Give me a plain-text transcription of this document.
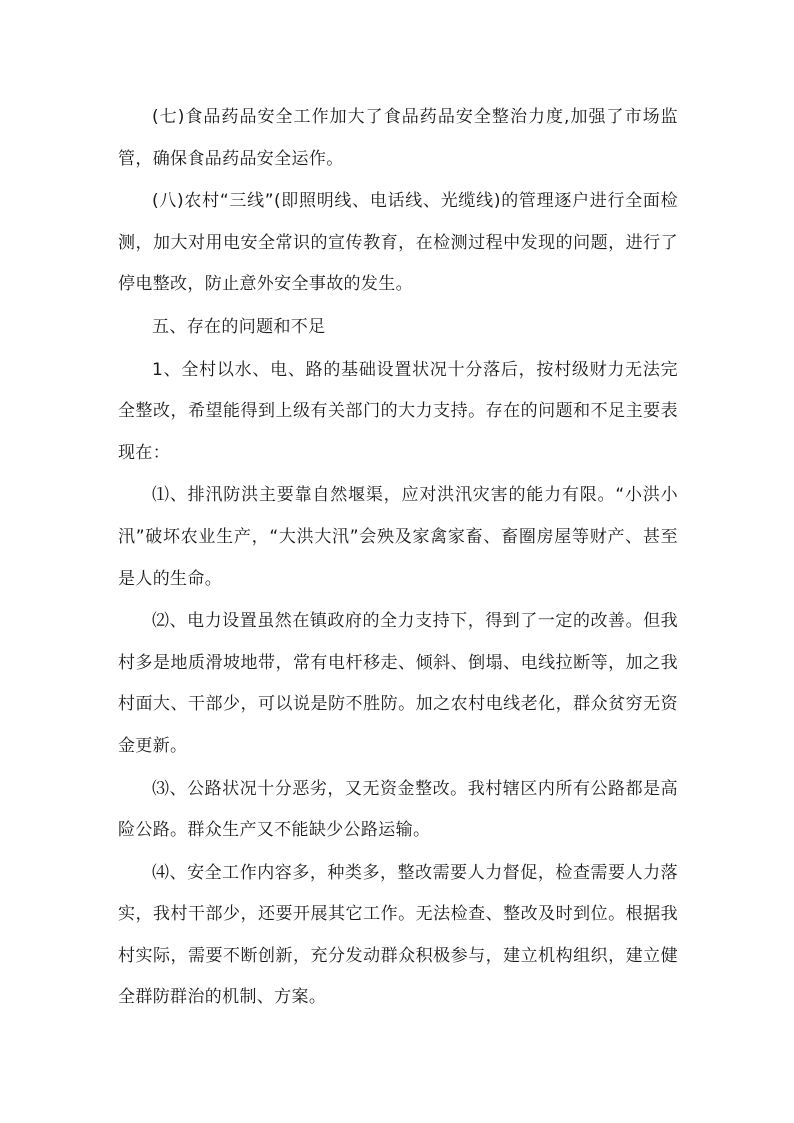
(七)食品药品安全工作加大了食品药品安全整治力度,加强了市场监管，确保食品药品安全运作。

(八)农村“三线”(即照明线、电话线、光缆线)的管理逐户进行全面检测，加大对用电安全常识的宣传教育，在检测过程中发现的问题，进行了停电整改，防止意外安全事故的发生。

五、存在的问题和不足

1、全村以水、电、路的基础设置状况十分落后，按村级财力无法完全整改，希望能得到上级有关部门的大力支持。存在的问题和不足主要表现在：

⑴、排汛防洪主要靠自然堰渠，应对洪汛灾害的能力有限。“小洪小汛”破坏农业生产，“大洪大汛”会殃及家禽家畜、畜圈房屋等财产、甚至是人的生命。

⑵、电力设置虽然在镇政府的全力支持下，得到了一定的改善。但我村多是地质滑坡地带，常有电杆移走、倾斜、倒塌、电线拉断等，加之我村面大、干部少，可以说是防不胜防。加之农村电线老化，群众贫穷无资金更新。

⑶、公路状况十分恶劣，又无资金整改。我村辖区内所有公路都是高险公路。群众生产又不能缺少公路运输。

⑷、安全工作内容多，种类多，整改需要人力督促，检查需要人力落实，我村干部少，还要开展其它工作。无法检查、整改及时到位。根据我村实际，需要不断创新，充分发动群众积极参与，建立机构组织，建立健全群防群治的机制、方案。
